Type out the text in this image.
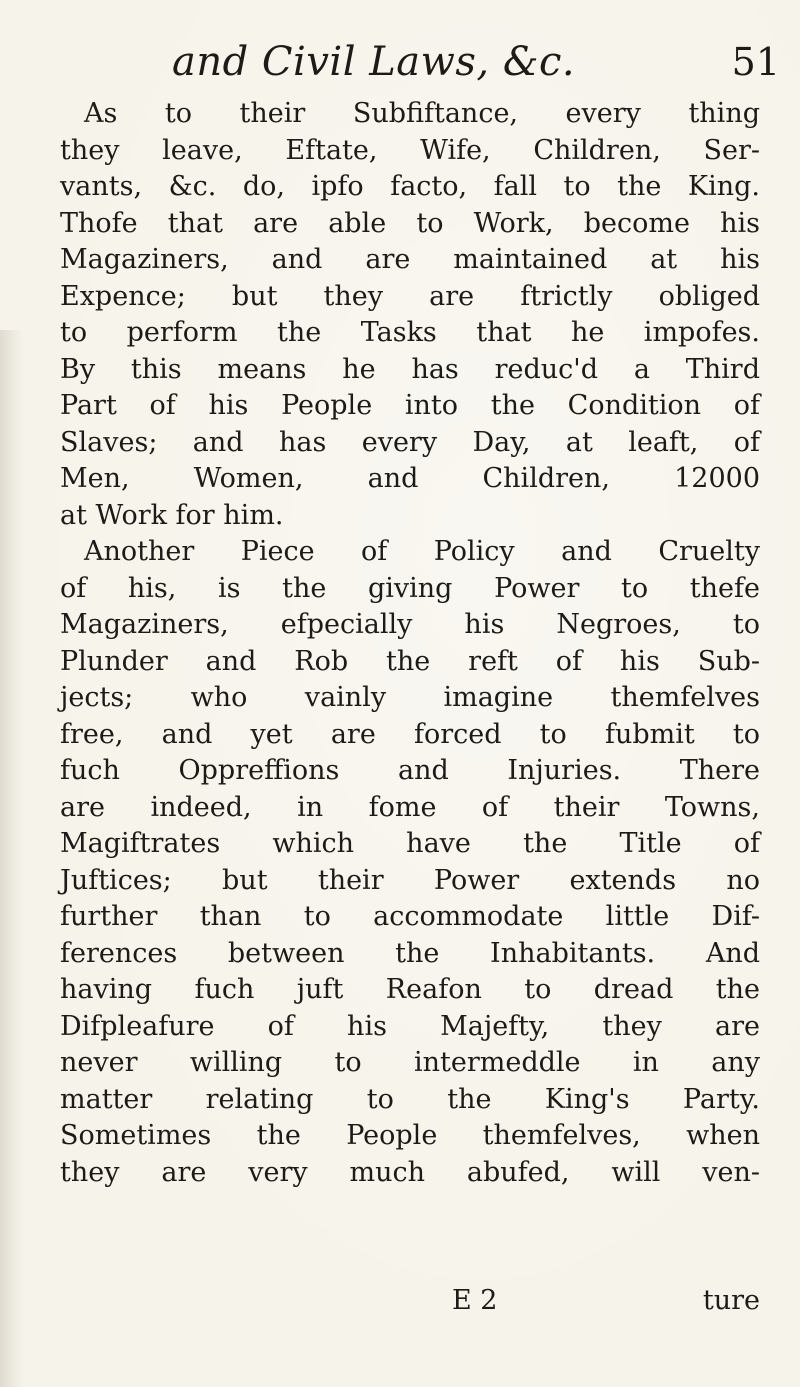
and Civil Laws, &c.	51
As to their Subfiftance, every thing
they leave, Eftate, Wife, Children, Ser-
vants, &c. do, ipfo facto, fall to the King.
Thofe that are able to Work, become his
Magaziners, and are maintained at his
Expence; but they are ftrictly obliged
to perform the Tasks that he impofes.
By this means he has reduc'd a Third
Part of his People into the Condition of
Slaves; and has every Day, at leaft, of
Men, Women, and Children, 12000
at Work for him.
Another Piece of Policy and Cruelty
of his, is the giving Power to thefe
Magaziners, efpecially his Negroes, to
Plunder and Rob the reft of his Sub-
jects; who vainly imagine themfelves
free, and yet are forced to fubmit to
fuch Oppreffions and Injuries. There
are indeed, in fome of their Towns,
Magiftrates which have the Title of
Juftices; but their Power extends no
further than to accommodate little Dif-
ferences between the Inhabitants. And
having fuch juft Reafon to dread the
Difpleafure of his Majefty, they are
never willing to intermeddle in any
matter relating to the King's Party.
Sometimes the People themfelves, when
they are very much abufed, will ven-
E 2	ture
